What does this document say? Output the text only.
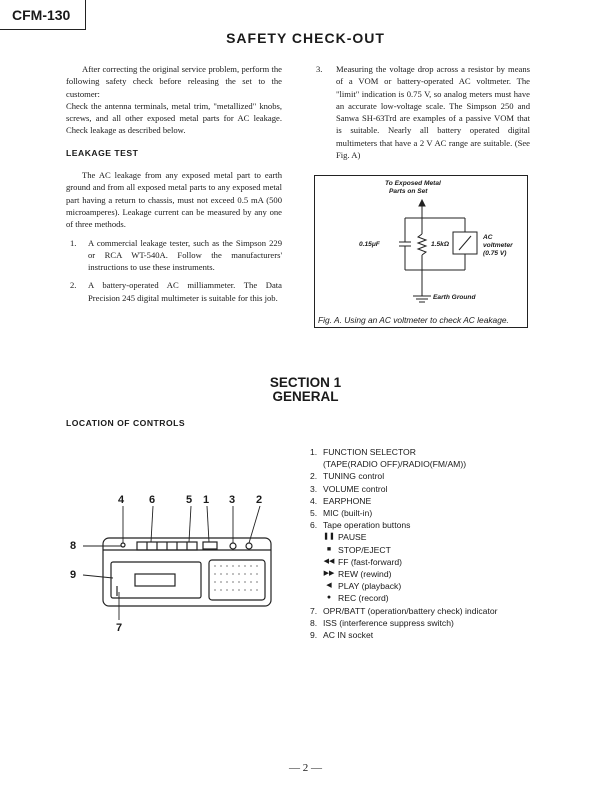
CFM-130
SAFETY CHECK-OUT

After correcting the original service problem, perform the following safety check before releasing the set to the customer:

Check the antenna terminals, metal trim, "metallized" knobs, screws, and all other exposed metal parts for AC leakage. Check leakage as described below.

LEAKAGE TEST

The AC leakage from any exposed metal part to earth ground and from all exposed metal parts to any exposed metal part having a return to chassis, must not exceed 0.5 mA (500 microamperes). Leakage current can be measured by any one of three methods.

1.	A commercial leakage tester, such as the Simpson 229 or RCA WT-540A. Follow the manufacturers' instructions to use these instruments.
2.	A battery-operated AC milliammeter. The Data Precision 245 digital multimeter is suitable for this job.
3.	Measuring the voltage drop across a resistor by means of a VOM or battery-operated AC voltmeter. The "limit" indication is 0.75 V, so analog meters must have an accurate low-voltage scale. The Simpson 250 and Sanwa SH-63Trd are examples of a passive VOM that is suitable. Nearly all battery operated digital multimeters that have a 2 V AC range are suitable. (See Fig. A)
To Exposed Metal
Parts on Set
0.15μF	1.5kΩ
AC
voltmeter
(0.75 V)
Earth Ground
Fig. A. Using an AC voltmeter to check AC leakage.
SECTION 1
GENERAL
LOCATION OF CONTROLS
4 6	5 1 3 2
8
9
7
1. FUNCTION SELECTOR
(TAPE(RADIO OFF)/RADIO(FM/AM))
2. TUNING control
3. VOLUME control
4. EARPHONE
5. MIC (built-in)
6. Tape operation buttons
❚❚ PAUSE
■ STOP/EJECT
◀◀ FF (fast-forward)
▶▶ REW (rewind)
◀ PLAY (playback)
● REC (record)
7. OPR/BATT (operation/battery check) indicator
8. ISS (interference suppress switch)
9. AC IN socket
— 2 —
